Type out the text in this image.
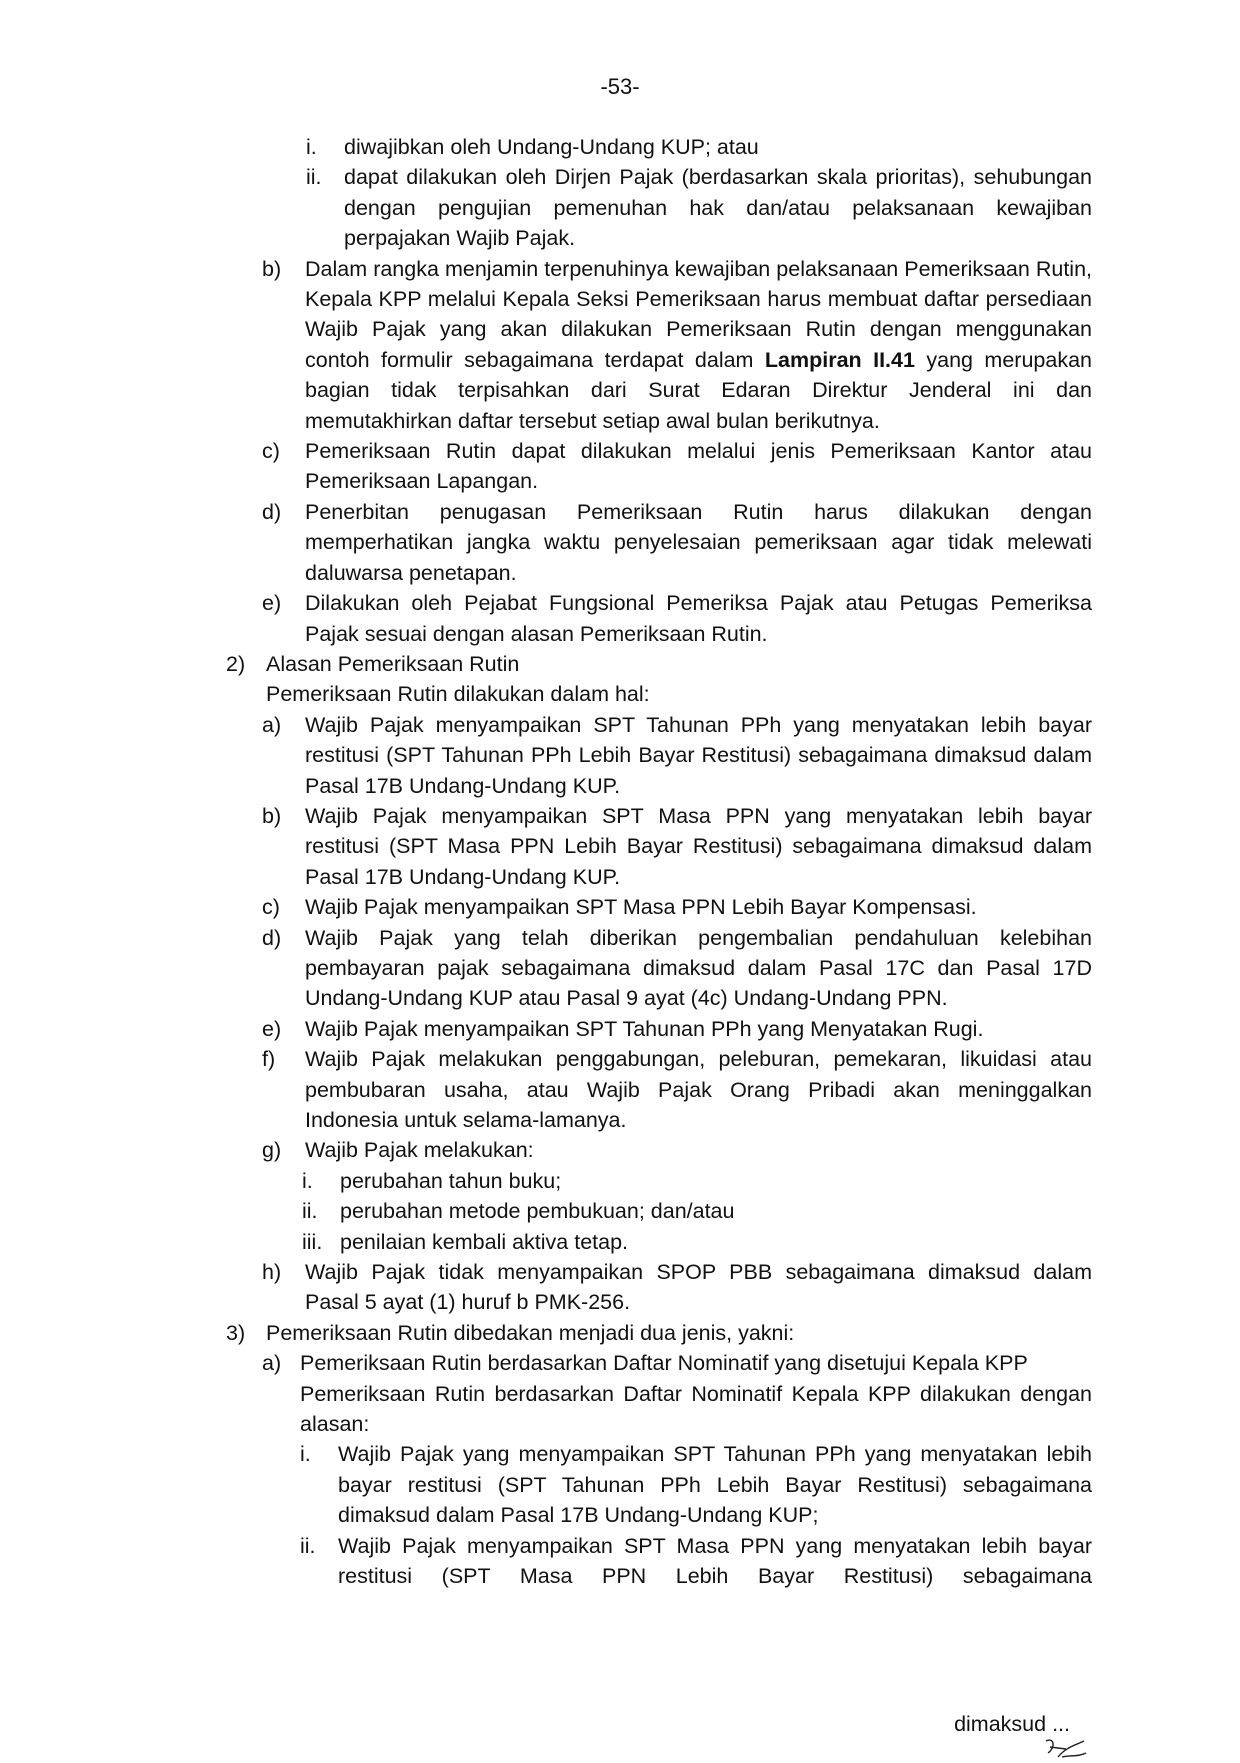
-53-
i. diwajibkan oleh Undang-Undang KUP; atau
ii. dapat dilakukan oleh Dirjen Pajak (berdasarkan skala prioritas), sehubungan dengan pengujian pemenuhan hak dan/atau pelaksanaan kewajiban perpajakan Wajib Pajak.
b) Dalam rangka menjamin terpenuhinya kewajiban pelaksanaan Pemeriksaan Rutin, Kepala KPP melalui Kepala Seksi Pemeriksaan harus membuat daftar persediaan Wajib Pajak yang akan dilakukan Pemeriksaan Rutin dengan menggunakan contoh formulir sebagaimana terdapat dalam Lampiran II.41 yang merupakan bagian tidak terpisahkan dari Surat Edaran Direktur Jenderal ini dan memutakhirkan daftar tersebut setiap awal bulan berikutnya.
c) Pemeriksaan Rutin dapat dilakukan melalui jenis Pemeriksaan Kantor atau Pemeriksaan Lapangan.
d) Penerbitan penugasan Pemeriksaan Rutin harus dilakukan dengan memperhatikan jangka waktu penyelesaian pemeriksaan agar tidak melewati daluwarsa penetapan.
e) Dilakukan oleh Pejabat Fungsional Pemeriksa Pajak atau Petugas Pemeriksa Pajak sesuai dengan alasan Pemeriksaan Rutin.
2) Alasan Pemeriksaan Rutin
Pemeriksaan Rutin dilakukan dalam hal:
a) Wajib Pajak menyampaikan SPT Tahunan PPh yang menyatakan lebih bayar restitusi (SPT Tahunan PPh Lebih Bayar Restitusi) sebagaimana dimaksud dalam Pasal 17B Undang-Undang KUP.
b) Wajib Pajak menyampaikan SPT Masa PPN yang menyatakan lebih bayar restitusi (SPT Masa PPN Lebih Bayar Restitusi) sebagaimana dimaksud dalam Pasal 17B Undang-Undang KUP.
c) Wajib Pajak menyampaikan SPT Masa PPN Lebih Bayar Kompensasi.
d) Wajib Pajak yang telah diberikan pengembalian pendahuluan kelebihan pembayaran pajak sebagaimana dimaksud dalam Pasal 17C dan Pasal 17D Undang-Undang KUP atau Pasal 9 ayat (4c) Undang-Undang PPN.
e) Wajib Pajak menyampaikan SPT Tahunan PPh yang Menyatakan Rugi.
f) Wajib Pajak melakukan penggabungan, peleburan, pemekaran, likuidasi atau pembubaran usaha, atau Wajib Pajak Orang Pribadi akan meninggalkan Indonesia untuk selama-lamanya.
g) Wajib Pajak melakukan:
i. perubahan tahun buku;
ii. perubahan metode pembukuan; dan/atau
iii. penilaian kembali aktiva tetap.
h) Wajib Pajak tidak menyampaikan SPOP PBB sebagaimana dimaksud dalam Pasal 5 ayat (1) huruf b PMK-256.
3) Pemeriksaan Rutin dibedakan menjadi dua jenis, yakni:
a) Pemeriksaan Rutin berdasarkan Daftar Nominatif yang disetujui Kepala KPP
Pemeriksaan Rutin berdasarkan Daftar Nominatif Kepala KPP dilakukan dengan alasan:
i. Wajib Pajak yang menyampaikan SPT Tahunan PPh yang menyatakan lebih bayar restitusi (SPT Tahunan PPh Lebih Bayar Restitusi) sebagaimana dimaksud dalam Pasal 17B Undang-Undang KUP;
ii. Wajib Pajak menyampaikan SPT Masa PPN yang menyatakan lebih bayar restitusi (SPT Masa PPN Lebih Bayar Restitusi) sebagaimana
dimaksud ...
